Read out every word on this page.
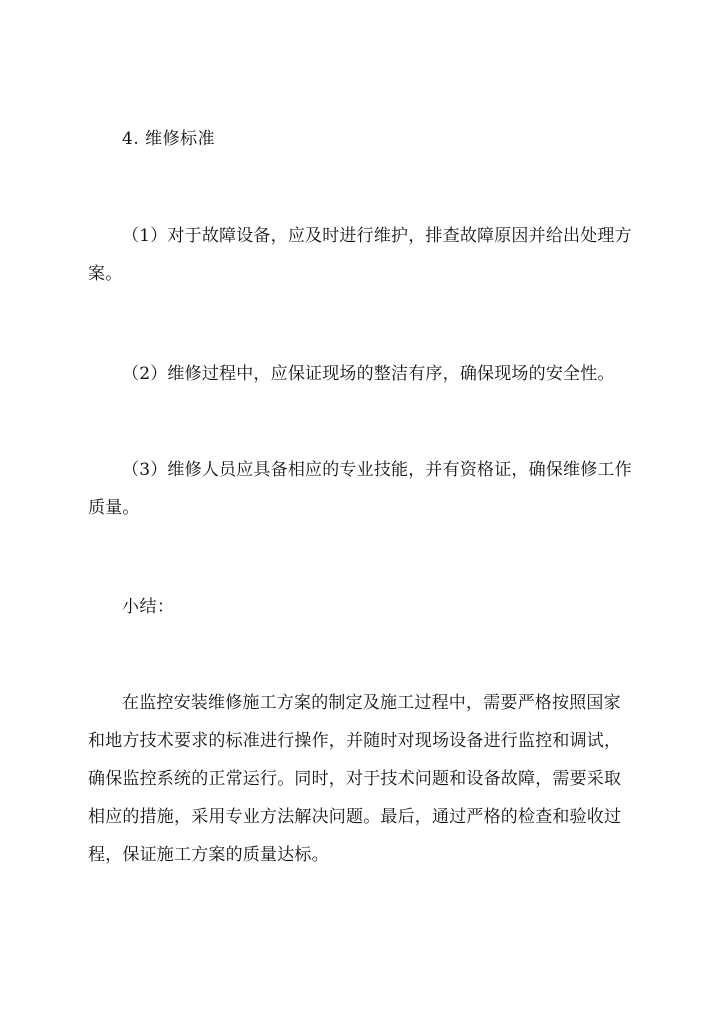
4. 维修标准
（1）对于故障设备，应及时进行维护，排查故障原因并给出处理方案。
（2）维修过程中，应保证现场的整洁有序，确保现场的安全性。
（3）维修人员应具备相应的专业技能，并有资格证，确保维修工作质量。
小结：
在监控安装维修施工方案的制定及施工过程中，需要严格按照国家和地方技术要求的标准进行操作，并随时对现场设备进行监控和调试，确保监控系统的正常运行。同时，对于技术问题和设备故障，需要采取相应的措施，采用专业方法解决问题。最后，通过严格的检查和验收过程，保证施工方案的质量达标。
